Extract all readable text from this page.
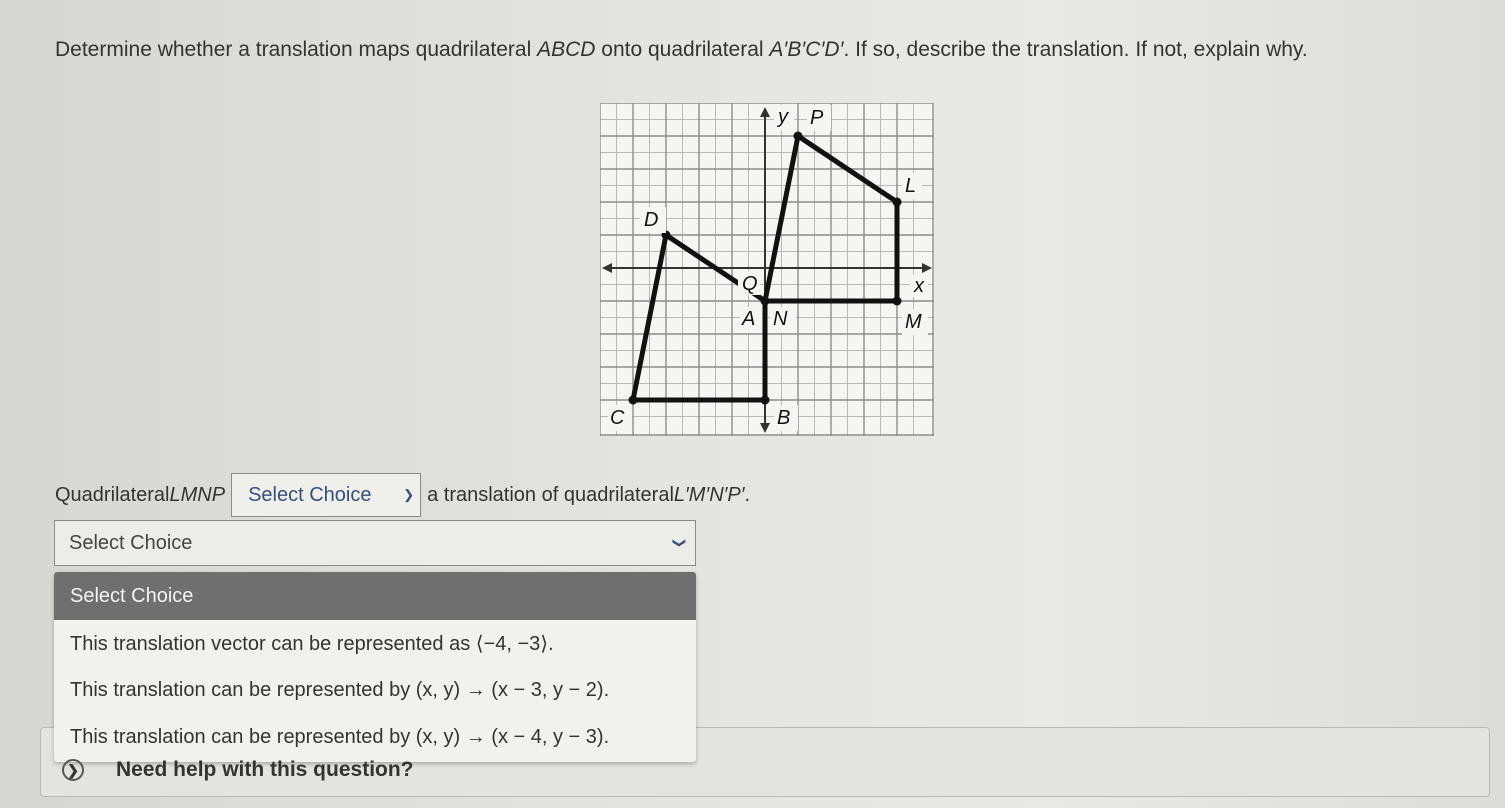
Determine whether a translation maps quadrilateral ABCD onto quadrilateral A′B′C′D′. If so, describe the translation. If not, explain why.
y P
L
D
Q	x
A N	M
C	B
Quadrilateral LMNP Select Choice ❯ a translation of quadrilateral L′M′N′P′ .
Select Choice	❯
❯ Need help with this question?
Select Choice
This translation vector can be represented as ⟨−4, −3⟩.
This translation can be represented by (x, y) → (x − 3, y − 2).
This translation can be represented by (x, y) → (x − 4, y − 3).
